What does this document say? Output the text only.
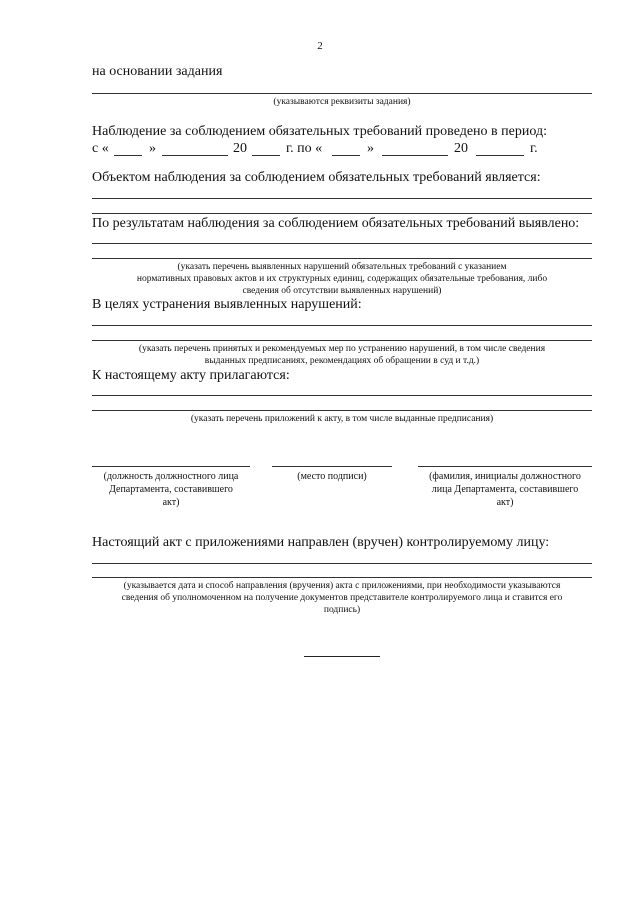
2
на основании задания
(указываются реквизиты задания)
Наблюдение за соблюдением обязательных требований проведено в период:
с «	»	20	г. по «	»	20	г.
Объектом наблюдения за соблюдением обязательных требований является:
По результатам наблюдения за соблюдением обязательных требований выявлено:
(указать перечень выявленных нарушений обязательных требований с указанием
нормативных правовых актов и их структурных единиц, содержащих обязательные требования, либо
сведения об отсутствии выявленных нарушений)
В целях устранения выявленных нарушений:
(указать перечень принятых и рекомендуемых мер по устранению нарушений, в том числе сведения
выданных предписаниях, рекомендациях об обращении в суд и т.д.)
К настоящему акту прилагаются:
(указать перечень приложений к акту, в том числе выданные предписания)
(должность должностного лица
Департамента, составившего
акт)
(место подписи)	(фамилия, инициалы должностного
лица Департамента, составившего
акт)
Настоящий акт с приложениями направлен (вручен) контролируемому лицу:
(указывается дата и способ направления (вручения) акта с приложениями, при необходимости указываются
сведения об уполномоченном на получение документов представителе контролируемого лица и ставится его
подпись)
